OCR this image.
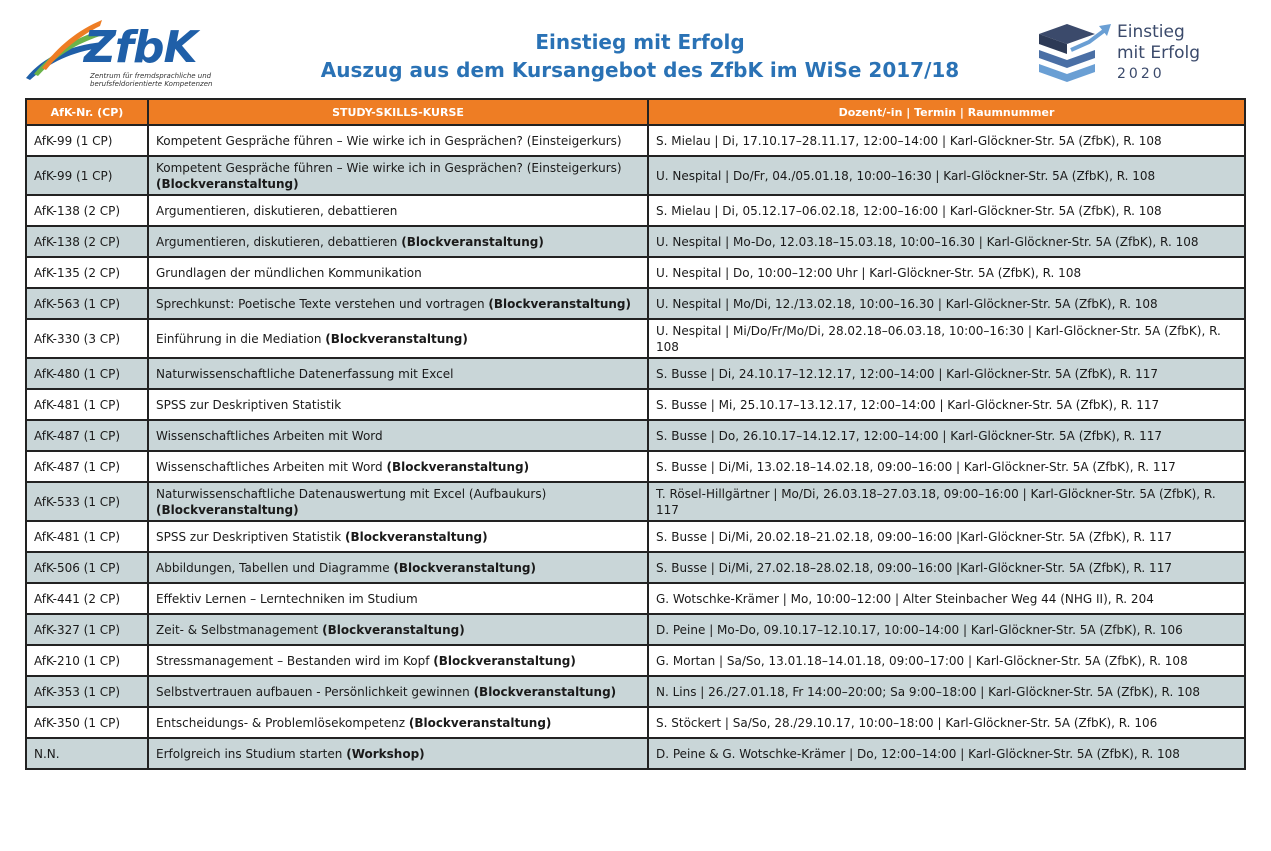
ZfbK
Zentrum für fremdsprachliche und berufsfeldorientierte Kompetenzen
Einstieg mit Erfolg
Auszug aus dem Kursangebot des ZfbK im WiSe 2017/18
Einstieg
mit Erfolg
2020
AfK-Nr. (CP)	STUDY-SKILLS-KURSE	Dozent/-in | Termin | Raumnummer
AfK-99 (1 CP)	Kompetent Gespräche führen – Wie wirke ich in Gesprächen? (Einsteigerkurs)	S. Mielau | Di, 17.10.17–28.11.17, 12:00–14:00 | Karl-Glöckner-Str. 5A (ZfbK), R. 108
AfK-99 (1 CP)	Kompetent Gespräche führen – Wie wirke ich in Gesprächen? (Einsteigerkurs)
(Blockveranstaltung)	U. Nespital | Do/Fr, 04./05.01.18, 10:00–16:30 | Karl-Glöckner-Str. 5A (ZfbK), R. 108
AfK-138 (2 CP)	Argumentieren, diskutieren, debattieren	S. Mielau | Di, 05.12.17–06.02.18, 12:00–16:00 | Karl-Glöckner-Str. 5A (ZfbK), R. 108
AfK-138 (2 CP)	Argumentieren, diskutieren, debattieren (Blockveranstaltung)	U. Nespital | Mo-Do, 12.03.18–15.03.18, 10:00–16.30 | Karl-Glöckner-Str. 5A (ZfbK), R. 108
AfK-135 (2 CP)	Grundlagen der mündlichen Kommunikation	U. Nespital | Do, 10:00–12:00 Uhr | Karl-Glöckner-Str. 5A (ZfbK), R. 108
AfK-563 (1 CP)	Sprechkunst: Poetische Texte verstehen und vortragen (Blockveranstaltung)	U. Nespital | Mo/Di, 12./13.02.18, 10:00–16.30 | Karl-Glöckner-Str. 5A (ZfbK), R. 108
AfK-330 (3 CP)	Einführung in die Mediation (Blockveranstaltung)	U. Nespital | Mi/Do/Fr/Mo/Di, 28.02.18–06.03.18, 10:00–16:30 | Karl-Glöckner-Str. 5A (ZfbK), R. 108
AfK-480 (1 CP)	Naturwissenschaftliche Datenerfassung mit Excel	S. Busse | Di, 24.10.17–12.12.17, 12:00–14:00 | Karl-Glöckner-Str. 5A (ZfbK), R. 117
AfK-481 (1 CP)	SPSS zur Deskriptiven Statistik	S. Busse | Mi, 25.10.17–13.12.17, 12:00–14:00 | Karl-Glöckner-Str. 5A (ZfbK), R. 117
AfK-487 (1 CP)	Wissenschaftliches Arbeiten mit Word	S. Busse | Do, 26.10.17–14.12.17, 12:00–14:00 | Karl-Glöckner-Str. 5A (ZfbK), R. 117
AfK-487 (1 CP)	Wissenschaftliches Arbeiten mit Word (Blockveranstaltung)	S. Busse | Di/Mi, 13.02.18–14.02.18, 09:00–16:00 | Karl-Glöckner-Str. 5A (ZfbK), R. 117
AfK-533 (1 CP)	Naturwissenschaftliche Datenauswertung mit Excel (Aufbaukurs)
(Blockveranstaltung)	T. Rösel-Hillgärtner | Mo/Di, 26.03.18–27.03.18, 09:00–16:00 | Karl-Glöckner-Str. 5A (ZfbK), R. 117
AfK-481 (1 CP)	SPSS zur Deskriptiven Statistik (Blockveranstaltung)	S. Busse | Di/Mi, 20.02.18–21.02.18, 09:00–16:00 |Karl-Glöckner-Str. 5A (ZfbK), R. 117
AfK-506 (1 CP)	Abbildungen, Tabellen und Diagramme (Blockveranstaltung)	S. Busse | Di/Mi, 27.02.18–28.02.18, 09:00–16:00 |Karl-Glöckner-Str. 5A (ZfbK), R. 117
AfK-441 (2 CP)	Effektiv Lernen – Lerntechniken im Studium	G. Wotschke-Krämer | Mo, 10:00–12:00 | Alter Steinbacher Weg 44 (NHG II), R. 204
AfK-327 (1 CP)	Zeit- & Selbstmanagement (Blockveranstaltung)	D. Peine | Mo-Do, 09.10.17–12.10.17, 10:00–14:00 | Karl-Glöckner-Str. 5A (ZfbK), R. 106
AfK-210 (1 CP)	Stressmanagement – Bestanden wird im Kopf (Blockveranstaltung)	G. Mortan | Sa/So, 13.01.18–14.01.18, 09:00–17:00 | Karl-Glöckner-Str. 5A (ZfbK), R. 108
AfK-353 (1 CP)	Selbstvertrauen aufbauen - Persönlichkeit gewinnen (Blockveranstaltung)	N. Lins | 26./27.01.18, Fr 14:00–20:00; Sa 9:00–18:00 | Karl-Glöckner-Str. 5A (ZfbK), R. 108
AfK-350 (1 CP)	Entscheidungs- & Problemlösekompetenz (Blockveranstaltung)	S. Stöckert | Sa/So, 28./29.10.17, 10:00–18:00 | Karl-Glöckner-Str. 5A (ZfbK), R. 106
N.N.	Erfolgreich ins Studium starten (Workshop)	D. Peine & G. Wotschke-Krämer | Do, 12:00–14:00 | Karl-Glöckner-Str. 5A (ZfbK), R. 108
